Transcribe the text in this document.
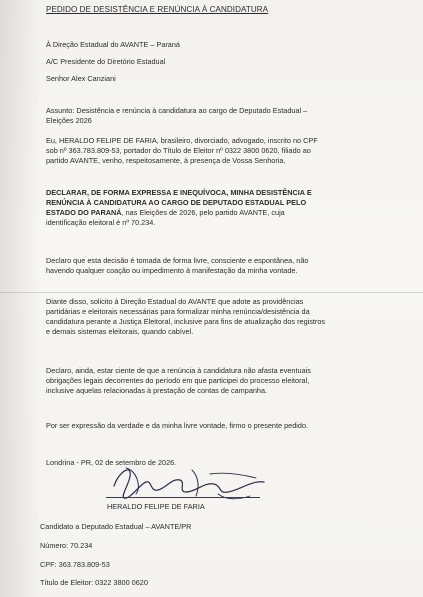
PEDIDO DE DESISTÊNCIA E RENÚNCIA À CANDIDATURA
À Direção Estadual do AVANTE – Paraná
A/C Presidente do Diretório Estadual
Senhor Alex Canziani
Assunto: Desistência e renúncia à candidatura ao cargo de Deputado Estadual –
Eleições 2026
Eu, HERALDO FELIPE DE FARIA, brasileiro, divorciado, advogado, inscrito no CPF
sob nº 363.783.809-53, portador do Título de Eleitor nº 0322 3800 0620, filiado ao
partido AVANTE, venho, respeitosamente, à presença de Vossa Senhoria,
DECLARAR, DE FORMA EXPRESSA E INEQUÍVOCA, MINHA DESISTÊNCIA E
RENÚNCIA À CANDIDATURA AO CARGO DE DEPUTADO ESTADUAL PELO
ESTADO DO PARANÁ, nas Eleições de 2026, pelo partido AVANTE, cuja
identificação eleitoral é nº 70.234.
Declaro que esta decisão é tomada de forma livre, consciente e espontânea, não
havendo qualquer coação ou impedimento à manifestação da minha vontade.
Diante disso, solicito à Direção Estadual do AVANTE que adote as providências
partidárias e eleitorais necessárias para formalizar minha renúncia/desistência da
candidatura perante a Justiça Eleitoral, inclusive para fins de atualização dos registros
e demais sistemas eleitorais, quando cabível.
Declaro, ainda, estar ciente de que a renúncia à candidatura não afasta eventuais
obrigações legais decorrentes do período em que participei do processo eleitoral,
inclusive aquelas relacionadas à prestação de contas de campanha.
Por ser expressão da verdade e da minha livre vontade, firmo o presente pedido.
Londrina - PR, 02 de setembro de 2026.
HERALDO FELIPE DE FARIA
Candidato a Deputado Estadual – AVANTE/PR
Número: 70.234
CPF: 363.783.809-53
Título de Eleitor: 0322 3800 0620
